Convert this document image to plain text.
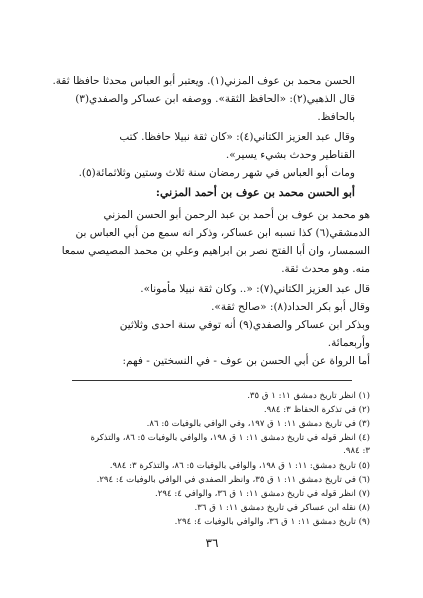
الحسن محمد بن عوف المزني(١). ويعتبر أبو العباس محدثا حافظا ثقة.
قال الذهبي(٢): «الحافظ الثقة». ووصفه ابن عساكر والصفدي(٣)
بالحافظ.
وقال عبد العزيز الكتاني(٤): «كان ثقة نبيلا حافظا. كتب
القناطير وحدث بشيء يسير».
ومات أبو العباس في شهر رمضان سنة ثلاث وستين وثلاثمائة(٥).
أبو الحسن محمد بن عوف بن أحمد المزني:
هو محمد بن عوف بن أحمد بن عبد الرحمن أبو الحسن المزني
الدمشقي(٦) كذا نسبه ابن عساكر، وذكر انه سمع من أبي العباس بن
السمسار، وان أبا الفتح نصر بن ابراهيم وعلي بن محمد المصيصي سمعا
منه. وهو محدث ثقة.
قال عبد العزيز الكتاني(٧): «.. وكان ثقة نبيلا مأمونا».
وقال أبو بكر الحداد(٨): «صالح ثقة».
وبذكر ابن عساكر والصفدي(٩) أنه توفي سنة احدى وثلاثين
وأربعمائة.
أما الرواة عن أبي الحسن بن عوف - في النسختين - فهم:
(١) انظر تاريخ دمشق ١١: ١ ق ٣٥.
(٢) في تذكرة الحفاظ ٣: ٩٨٤.
(٣) في تاريخ دمشق ١١: ١ ق ١٩٧، وفي الوافي بالوفيات ٥: ٨٦.
(٤) انظر قوله في تاريخ دمشق ١١: ١ ق ١٩٨، والوافي بالوفيات ٥: ٨٦، والتذكرة
٣: ٩٨٤.
(٥) تاريخ دمشق: ١١: ١ ق ١٩٨، والوافي بالوفيات ٥: ٨٦، والتذكرة ٣: ٩٨٤.
(٦) في تاريخ دمشق ١١: ١ ق ٣٥، وانظر الصفدي في الوافي بالوفيات ٤: ٢٩٤.
(٧) انظر قوله في تاريخ دمشق ١١: ١ ق ٣٦، والوافي ٤: ٢٩٤.
(٨) نقله ابن عساكر في تاريخ دمشق ١١: ١ ق ٣٦.
(٩) تاريخ دمشق ١١: ١ ق ٣٦، والوافي بالوفيات ٤: ٢٩٤.
٣٦
